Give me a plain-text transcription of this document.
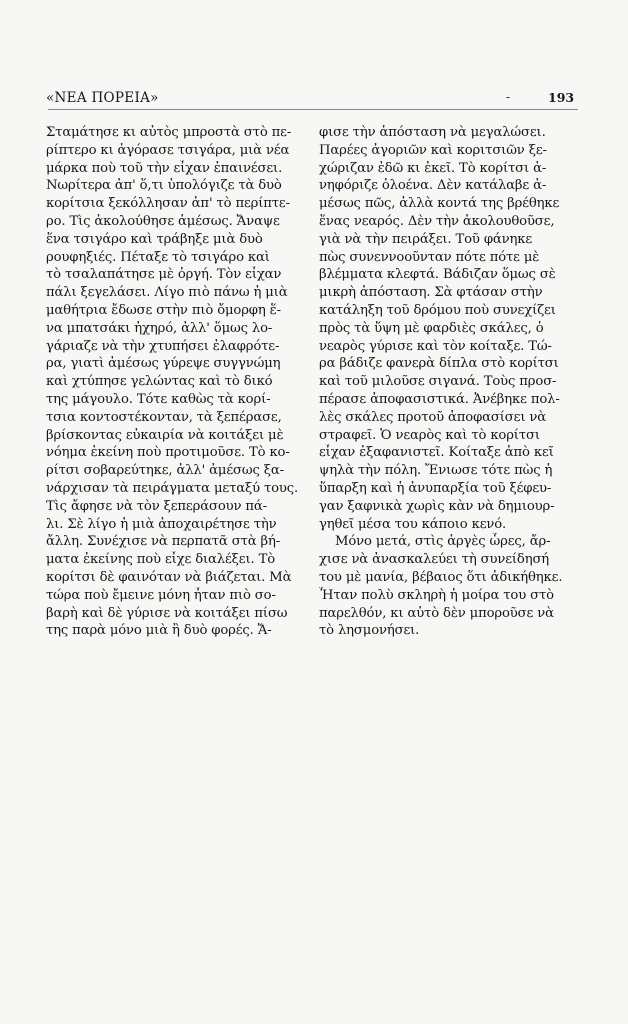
«ΝΕΑ ΠΟΡΕΙΑ»	-	193
Σταμάτησε κι αὐτὸς μπροστὰ στὸ πε-
ρίπτερο κι ἀγόρασε τσιγάρα, μιὰ νέα
μάρκα ποὺ τοῦ τὴν εἶχαν ἐπαινέσει.
Νωρίτερα ἀπ' ὅ,τι ὑπολόγιζε τὰ δυὸ
κορίτσια ξεκόλλησαν ἀπ' τὸ περίπτε-
ρο. Τὶς ἀκολούθησε ἀμέσως. Ἄναψε
ἕνα τσιγάρο καὶ τράβηξε μιὰ δυὸ
ρουφηξιές. Πέταξε τὸ τσιγάρο καὶ
τὸ τσαλαπάτησε μὲ ὀργή. Τὸν εἶχαν
πάλι ξεγελάσει. Λίγο πιὸ πάνω ἡ μιὰ
μαθήτρια ἔδωσε στὴν πιὸ ὄμορφη ἕ-
να μπατσάκι ἠχηρό, ἀλλ' ὅμως λο-
γάριαζε νὰ τὴν χτυπήσει ἐλαφρότε-
ρα, γιατὶ ἀμέσως γύρεψε συγγνώμη
καὶ χτύπησε γελώντας καὶ τὸ δικό
της μάγουλο. Τότε καθὼς τὰ κορί-
τσια κοντοστέκονταν, τὰ ξεπέρασε,
βρίσκοντας εὐκαιρία νὰ κοιτάξει μὲ
νόημα ἐκείνη ποὺ προτιμοῦσε. Τὸ κο-
ρίτσι σοβαρεύτηκε, ἀλλ' ἀμέσως ξα-
νάρχισαν τὰ πειράγματα μεταξύ τους.
Τὶς ἄφησε νὰ τὸν ξεπεράσουν πά-
λι. Σὲ λίγο ἡ μιὰ ἀποχαιρέτησε τὴν
ἄλλη. Συνέχισε νὰ περπατᾶ στὰ βή-
ματα ἐκείνης ποὺ εἶχε διαλέξει. Τὸ
κορίτσι δὲ φαινόταν νὰ βιάζεται. Μὰ
τώρα ποὺ ἔμεινε μόνη ἦταν πιὸ σο-
βαρὴ καὶ δὲ γύρισε νὰ κοιτάξει πίσω
της παρὰ μόνο μιὰ ἢ δυὸ φορές. Ἄ-
φισε τὴν ἀπόσταση νὰ μεγαλώσει.
Παρέες ἀγοριῶν καὶ κοριτσιῶν ξε-
χώριζαν ἐδῶ κι ἐκεῖ. Τὸ κορίτσι ἀ-
νηφόριζε ὁλοένα. Δὲν κατάλαβε ἀ-
μέσως πῶς, ἀλλὰ κοντά της βρέθηκε
ἕνας νεαρός. Δὲν τὴν ἀκολουθοῦσε,
γιὰ νὰ τὴν πειράξει. Τοῦ φάνηκε
πὼς συνεννοοῦνταν πότε πότε μὲ
βλέμματα κλεφτά. Βάδιζαν ὅμως σὲ
μικρὴ ἀπόσταση. Σὰ φτάσαν στὴν
κατάληξη τοῦ δρόμου ποὺ συνεχίζει
πρὸς τὰ ὕψη μὲ φαρδιὲς σκάλες, ὁ
νεαρὸς γύρισε καὶ τὸν κοίταξε. Τώ-
ρα βάδιζε φανερὰ δίπλα στὸ κορίτσι
καὶ τοῦ μιλοῦσε σιγανά. Τοὺς προσ-
πέρασε ἀποφασιστικά. Ἀνέβηκε πολ-
λὲς σκάλες προτοῦ ἀποφασίσει νὰ
στραφεῖ. Ὁ νεαρὸς καὶ τὸ κορίτσι
εἶχαν ἐξαφανιστεῖ. Κοίταξε ἀπὸ κεῖ
ψηλὰ τὴν πόλη. Ἔνιωσε τότε πὼς ἡ
ὕπαρξη καὶ ἡ ἀνυπαρξία τοῦ ξέφευ-
γαν ξαφνικὰ χωρὶς κὰν νὰ δημιουρ-
γηθεῖ μέσα του κάποιο κενό.
Μόνο μετά, στὶς ἀργὲς ὧρες, ἄρ-
χισε νὰ ἀνασκαλεύει τὴ συνείδησή
του μὲ μανία, βέβαιος ὅτι ἀδικήθηκε.
Ἦταν πολὺ σκληρὴ ἡ μοίρα του στὸ
παρελθόν, κι αὐτὸ δὲν μποροῦσε νὰ
τὸ λησμονήσει.
